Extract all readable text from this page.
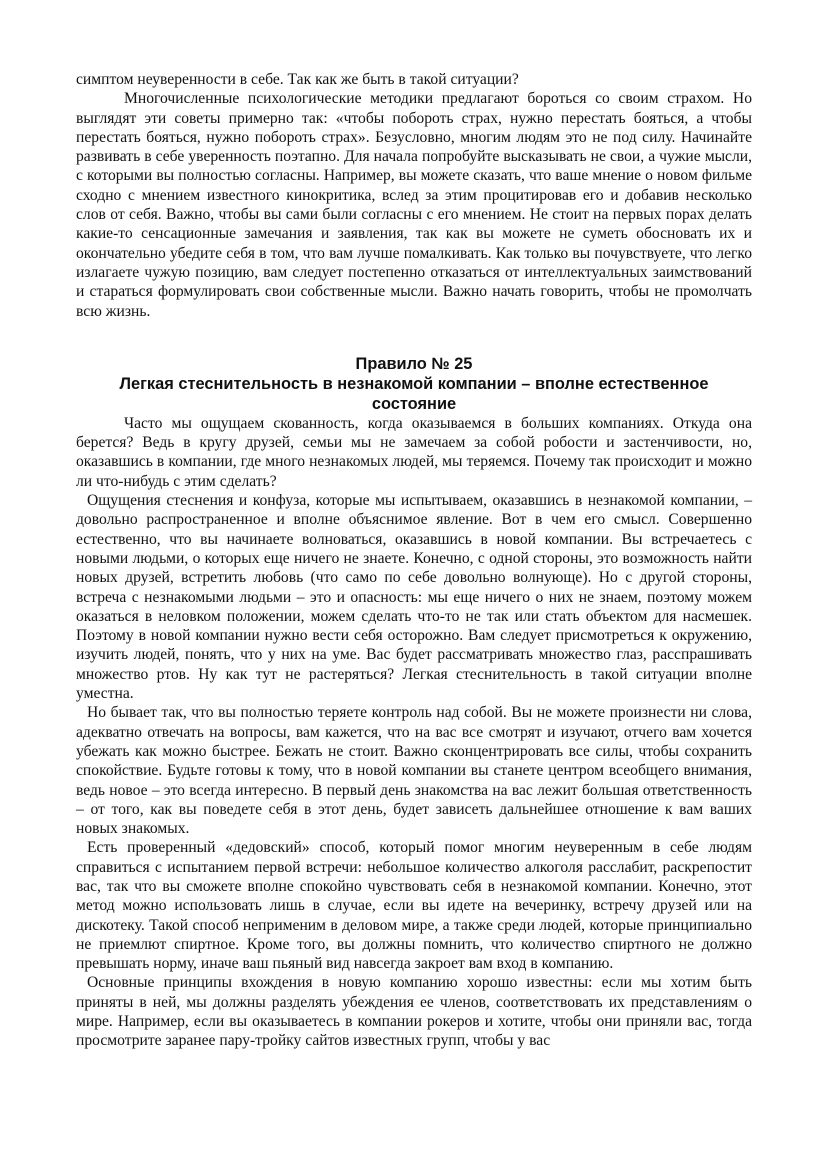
симптом неуверенности в себе. Так как же быть в такой ситуации?

Многочисленные психологические методики предлагают бороться со своим страхом. Но выглядят эти советы примерно так: «чтобы побороть страх, нужно перестать бояться, а чтобы перестать бояться, нужно побороть страх». Безусловно, многим людям это не под силу. Начинайте развивать в себе уверенность поэтапно. Для начала попробуйте высказывать не свои, а чужие мысли, с которыми вы полностью согласны. Например, вы можете сказать, что ваше мнение о новом фильме сходно с мнением известного кинокритика, вслед за этим процитировав его и добавив несколько слов от себя. Важно, чтобы вы сами были согласны с его мнением. Не стоит на первых порах делать какие-то сенсационные замечания и заявления, так как вы можете не суметь обосновать их и окончательно убедите себя в том, что вам лучше помалкивать. Как только вы почувствуете, что легко излагаете чужую позицию, вам следует постепенно отказаться от интеллектуальных заимствований и стараться формулировать свои собственные мысли. Важно начать говорить, чтобы не промолчать всю жизнь.

Правило № 25

Легкая стеснительность в незнакомой компании – вполне естественное состояние

Часто мы ощущаем скованность, когда оказываемся в больших компаниях. Откуда она берется? Ведь в кругу друзей, семьи мы не замечаем за собой робости и застенчивости, но, оказавшись в компании, где много незнакомых людей, мы теряемся. Почему так происходит и можно ли что-нибудь с этим сделать?

Ощущения стеснения и конфуза, которые мы испытываем, оказавшись в незнакомой компании, – довольно распространенное и вполне объяснимое явление. Вот в чем его смысл. Совершенно естественно, что вы начинаете волноваться, оказавшись в новой компании. Вы встречаетесь с новыми людьми, о которых еще ничего не знаете. Конечно, с одной стороны, это возможность найти новых друзей, встретить любовь (что само по себе довольно волнующе). Но с другой стороны, встреча с незнакомыми людьми – это и опасность: мы еще ничего о них не знаем, поэтому можем оказаться в неловком положении, можем сделать что-то не так или стать объектом для насмешек. Поэтому в новой компании нужно вести себя осторожно. Вам следует присмотреться к окружению, изучить людей, понять, что у них на уме. Вас будет рассматривать множество глаз, расспрашивать множество ртов. Ну как тут не растеряться? Легкая стеснительность в такой ситуации вполне уместна.

Но бывает так, что вы полностью теряете контроль над собой. Вы не можете произнести ни слова, адекватно отвечать на вопросы, вам кажется, что на вас все смотрят и изучают, отчего вам хочется убежать как можно быстрее. Бежать не стоит. Важно сконцентрировать все силы, чтобы сохранить спокойствие. Будьте готовы к тому, что в новой компании вы станете центром всеобщего внимания, ведь новое – это всегда интересно. В первый день знакомства на вас лежит большая ответственность – от того, как вы поведете себя в этот день, будет зависеть дальнейшее отношение к вам ваших новых знакомых.

Есть проверенный «дедовский» способ, который помог многим неуверенным в себе людям справиться с испытанием первой встречи: небольшое количество алкоголя расслабит, раскрепостит вас, так что вы сможете вполне спокойно чувствовать себя в незнакомой компании. Конечно, этот метод можно использовать лишь в случае, если вы идете на вечеринку, встречу друзей или на дискотеку. Такой способ неприменим в деловом мире, а также среди людей, которые принципиально не приемлют спиртное. Кроме того, вы должны помнить, что количество спиртного не должно превышать норму, иначе ваш пьяный вид навсегда закроет вам вход в компанию.

Основные принципы вхождения в новую компанию хорошо известны: если мы хотим быть приняты в ней, мы должны разделять убеждения ее членов, соответствовать их представлениям о мире. Например, если вы оказываетесь в компании рокеров и хотите, чтобы они приняли вас, тогда просмотрите заранее пару-тройку сайтов известных групп, чтобы у вас
